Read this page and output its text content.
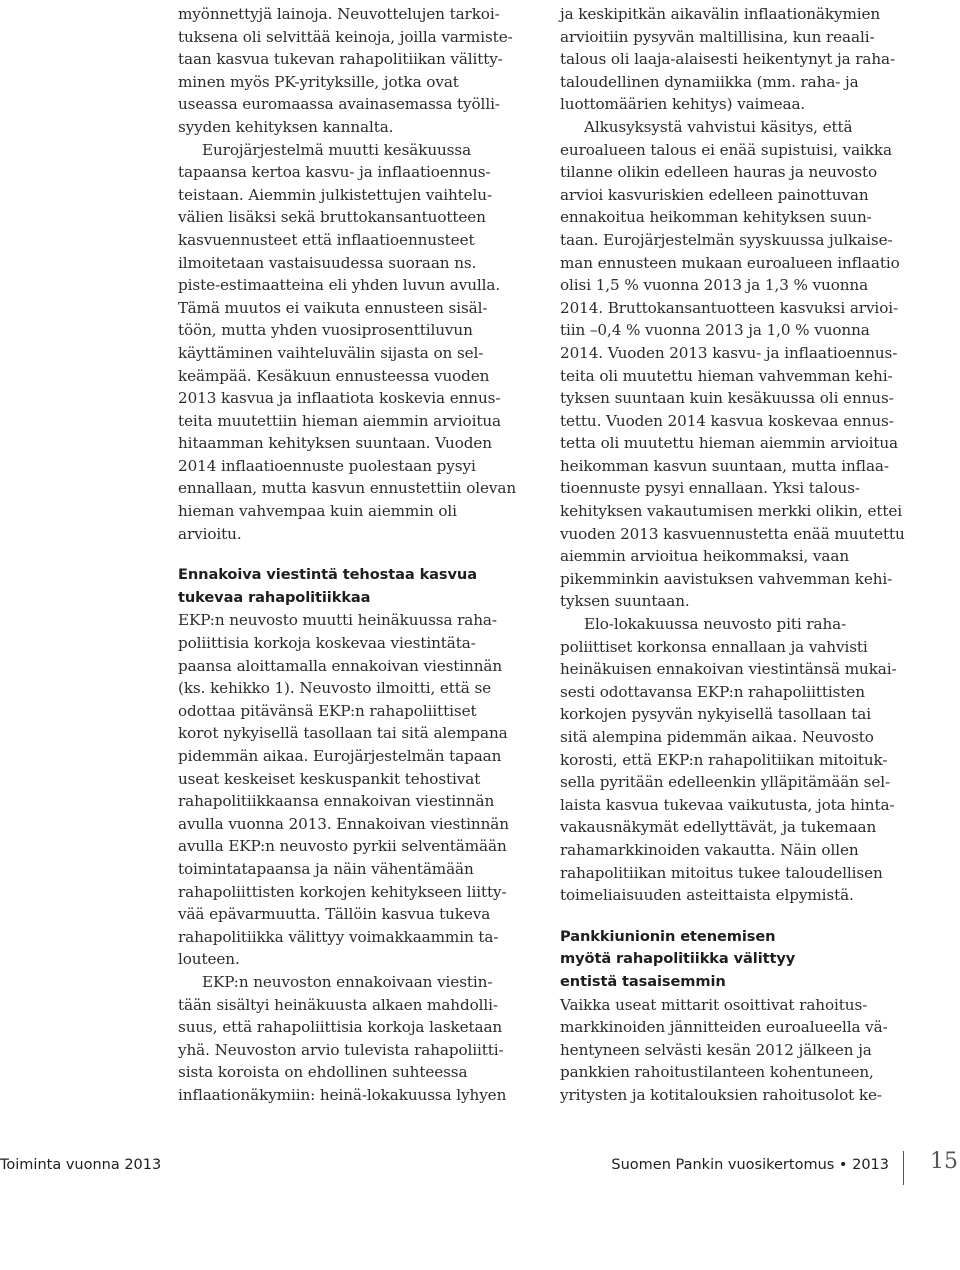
myönnettyjä lainoja. Neuvottelujen tarkoi-
tuksena oli selvittää keinoja, joilla varmiste-
taan kasvua tukevan rahapolitiikan välitty-
minen myös PK-yrityksille, jotka ovat
useassa euromaassa avainasemassa työlli-
syyden kehityksen kannalta.
Eurojärjestelmä muutti kesäkuussa
tapaansa kertoa kasvu- ja inflaatioennus-
teistaan. Aiemmin julkistettujen vaihtelu-
välien lisäksi sekä bruttokansantuotteen
kasvuennusteet että inflaatioennusteet
ilmoitetaan vastaisuudessa suoraan ns.
piste-estimaatteina eli yhden luvun avulla.
Tämä muutos ei vaikuta ennusteen sisäl-
töön, mutta yhden vuosiprosenttiluvun
käyttäminen vaihteluvälin sijasta on sel-
keämpää. Kesäkuun ennusteessa vuoden
2013 kasvua ja inflaatiota koskevia ennus-
teita muutettiin hieman aiemmin arvioitua
hitaamman kehityksen suuntaan. Vuoden
2014 inflaatioennuste puolestaan pysyi
ennallaan, mutta kasvun ennustettiin olevan
hieman vahvempaa kuin aiemmin oli
arvioitu.
Ennakoiva viestintä tehostaa kasvua
tukevaa rahapolitiikkaa
EKP:n neuvosto muutti heinäkuussa raha-
poliittisia korkoja koskevaa viestintäta-
paansa aloittamalla ennakoivan viestinnän
(ks. kehikko 1). Neuvosto ilmoitti, että se
odottaa pitävänsä EKP:n rahapoliittiset
korot nykyisellä tasollaan tai sitä alempana
pidemmän aikaa. Eurojärjestelmän tapaan
useat keskeiset keskuspankit tehostivat
rahapolitiikkaansa ennakoivan viestinnän
avulla vuonna 2013. Ennakoivan viestinnän
avulla EKP:n neuvosto pyrkii selventämään
toimintatapaansa ja näin vähentämään
rahapoliittisten korkojen kehitykseen liitty-
vää epävarmuutta. Tällöin kasvua tukeva
rahapolitiikka välittyy voimakkaammin ta-
louteen.
EKP:n neuvoston ennakoivaan viestin-
tään sisältyi heinäkuusta alkaen mahdolli-
suus, että rahapoliittisia korkoja lasketaan
yhä. Neuvoston arvio tulevista rahapoliitti-
sista koroista on ehdollinen suhteessa
inflaationäkymiin: heinä-lokakuussa lyhyen
ja keskipitkän aikavälin inflaationäkymien
arvioitiin pysyvän maltillisina, kun reaali-
talous oli laaja-alaisesti heikentynyt ja raha-
taloudellinen dynamiikka (mm. raha- ja
luottomäärien kehitys) vaimeaa.
Alkusyksystä vahvistui käsitys, että
euroalueen talous ei enää supistuisi, vaikka
tilanne olikin edelleen hauras ja neuvosto
arvioi kasvuriskien edelleen painottuvan
ennakoitua heikomman kehityksen suun-
taan. Eurojärjestelmän syyskuussa julkaise-
man ennusteen mukaan euroalueen inflaatio
olisi 1,5 % vuonna 2013 ja 1,3 % vuonna
2014. Bruttokansantuotteen kasvuksi arvioi-
tiin –0,4 % vuonna 2013 ja 1,0 % vuonna
2014. Vuoden 2013 kasvu- ja inflaatioennus-
teita oli muutettu hieman vahvemman kehi-
tyksen suuntaan kuin kesäkuussa oli ennus-
tettu. Vuoden 2014 kasvua koskevaa ennus-
tetta oli muutettu hieman aiemmin arvioitua
heikomman kasvun suuntaan, mutta inflaa-
tioennuste pysyi ennallaan. Yksi talous-
kehityksen vakautumisen merkki olikin, ettei
vuoden 2013 kasvuennustetta enää muutettu
aiemmin arvioitua heikommaksi, vaan
pikemminkin aavistuksen vahvemman kehi-
tyksen suuntaan.
Elo-lokakuussa neuvosto piti raha-
poliittiset korkonsa ennallaan ja vahvisti
heinäkuisen ennakoivan viestintänsä mukai-
sesti odottavansa EKP:n rahapoliittisten
korkojen pysyvän nykyisellä tasollaan tai
sitä alempina pidemmän aikaa. Neuvosto
korosti, että EKP:n rahapolitiikan mitoituk-
sella pyritään edelleenkin ylläpitämään sel-
laista kasvua tukevaa vaikutusta, jota hinta-
vakausnäkymät edellyttävät, ja tukemaan
rahamarkkinoiden vakautta. Näin ollen
rahapolitiikan mitoitus tukee taloudellisen
toimeliaisuuden asteittaista elpymistä.
Pankkiunionin etenemisen
myötä rahapolitiikka välittyy
entistä tasaisemmin
Vaikka useat mittarit osoittivat rahoitus-
markkinoiden jännitteiden euroalueella vä-
hentyneen selvästi kesän 2012 jälkeen ja
pankkien rahoitustilanteen kohentuneen,
yritysten ja kotitalouksien rahoitusolot ke-
Toiminta vuonna 2013	Suomen Pankin vuosikertomus • 2013 15
